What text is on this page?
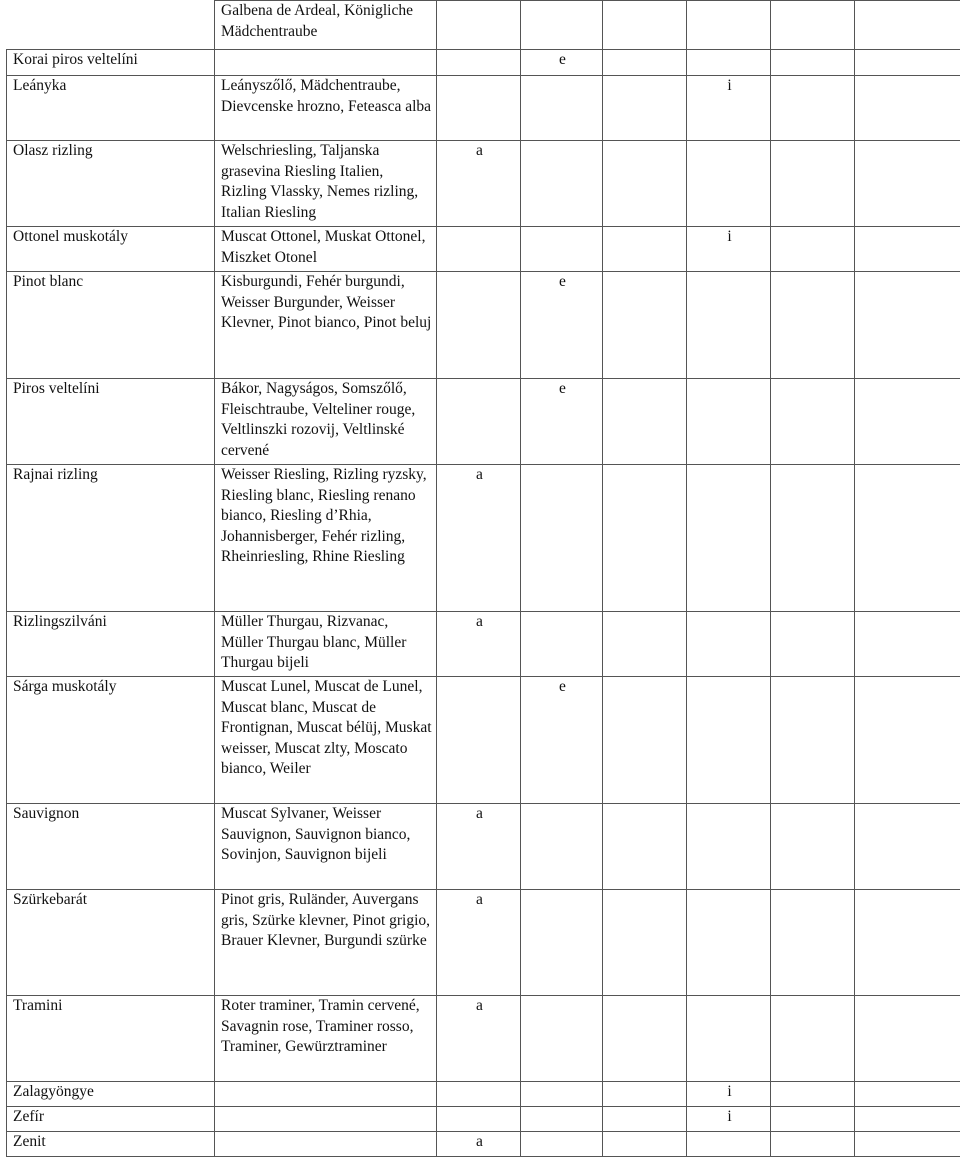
	Galbena de Ardeal, Königliche Mädchentraube						
Korai piros veltelíni			e				
Leányka	Leányszőlő, Mädchentraube, Dievcenske hrozno, Feteasca alba				i		
Olasz rizling	Welschriesling, Taljanska grasevina Riesling Italien, Rizling Vlassky, Nemes rizling, Italian Riesling	a					
Ottonel muskotály	Muscat Ottonel, Muskat Ottonel, Miszket Otonel				i		
Pinot blanc	Kisburgundi, Fehér burgundi, Weisser Burgunder, Weisser Klevner, Pinot bianco, Pinot beluj		e				
Piros veltelíni	Bákor, Nagyságos, Somszőlő, Fleischtraube, Velteliner rouge, Veltlinszki rozovij, Veltlinské cervené		e				
Rajnai rizling	Weisser Riesling, Rizling ryzsky, Riesling blanc, Riesling renano bianco, Riesling d’Rhia, Johannisberger, Fehér rizling, Rheinriesling, Rhine Riesling	a					
Rizlingszilváni	Müller Thurgau, Rizvanac, Müller Thurgau blanc, Müller Thurgau bijeli	a					
Sárga muskotály	Muscat Lunel, Muscat de Lunel, Muscat blanc, Muscat de Frontignan, Muscat bélüj, Muskat weisser, Muscat zlty, Moscato bianco, Weiler		e				
Sauvignon	Muscat Sylvaner, Weisser Sauvignon, Sauvignon bianco, Sovinjon, Sauvignon bijeli	a					
Szürkebarát	Pinot gris, Ruländer, Auvergans gris, Szürke klevner, Pinot grigio, Brauer Klevner, Burgundi szürke	a					
Tramini	Roter traminer, Tramin cervené, Savagnin rose, Traminer rosso, Traminer, Gewürztraminer	a					
Zalagyöngye					i		
Zefír					i		
Zenit		a					
